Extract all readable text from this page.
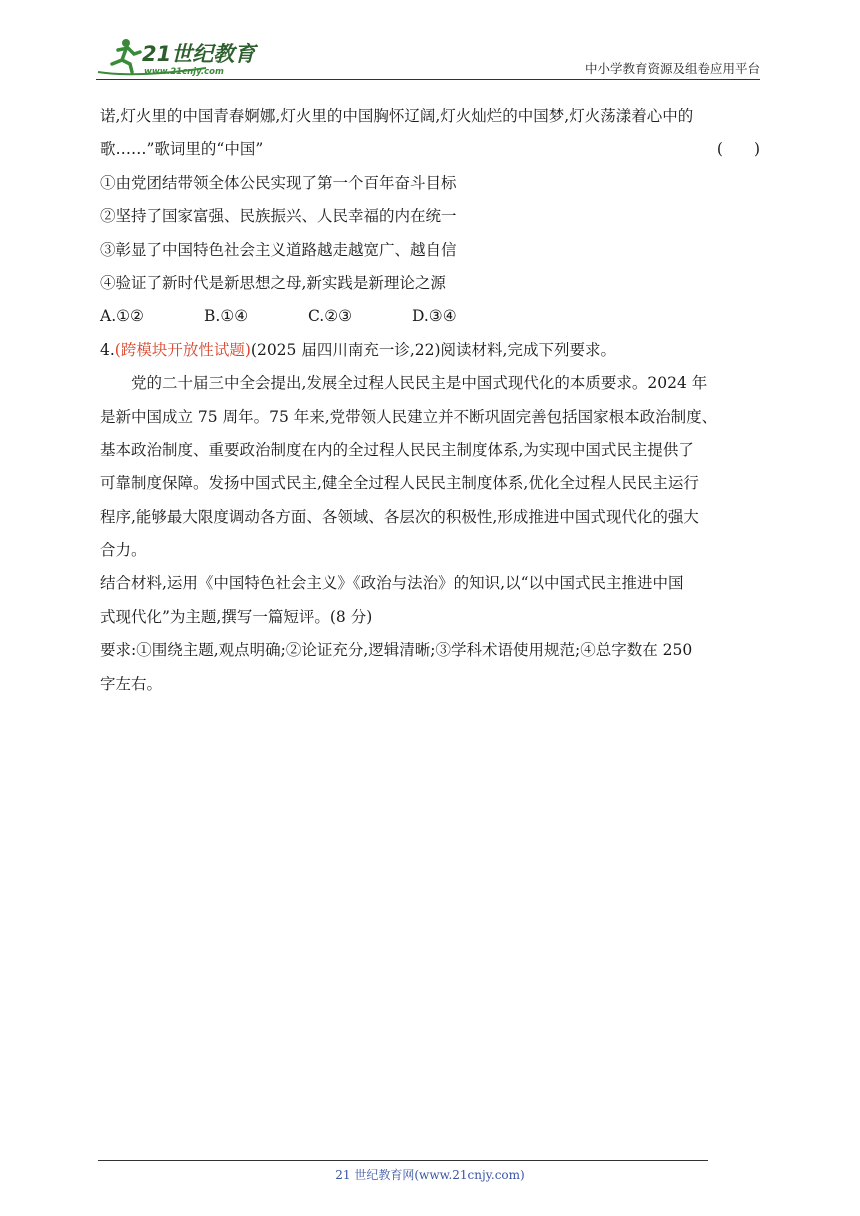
21世纪教育
www.21cnjy.com	中小学教育资源及组卷应用平台
诺,灯火里的中国青春婀娜,灯火里的中国胸怀辽阔,灯火灿烂的中国梦,灯火荡漾着心中的
歌……”歌词里的“中国”	(  )
①由党团结带领全体公民实现了第一个百年奋斗目标
②坚持了国家富强、民族振兴、人民幸福的内在统一
③彰显了中国特色社会主义道路越走越宽广、越自信
④验证了新时代是新思想之母,新实践是新理论之源
A.①②	B.①④	C.②③	D.③④
4.(跨模块开放性试题)(2025 届四川南充一诊,22)阅读材料,完成下列要求。
党的二十届三中全会提出,发展全过程人民民主是中国式现代化的本质要求。2024 年
是新中国成立 75 周年。75 年来,党带领人民建立并不断巩固完善包括国家根本政治制度、
基本政治制度、重要政治制度在内的全过程人民民主制度体系,为实现中国式民主提供了
可靠制度保障。发扬中国式民主,健全全过程人民民主制度体系,优化全过程人民民主运行
程序,能够最大限度调动各方面、各领域、各层次的积极性,形成推进中国式现代化的强大
合力。
结合材料,运用《中国特色社会主义》《政治与法治》的知识,以“以中国式民主推进中国
式现代化”为主题,撰写一篇短评。(8 分)
要求:①围绕主题,观点明确;②论证充分,逻辑清晰;③学科术语使用规范;④总字数在 250
字左右。
21 世纪教育网(www.21cnjy.com)
